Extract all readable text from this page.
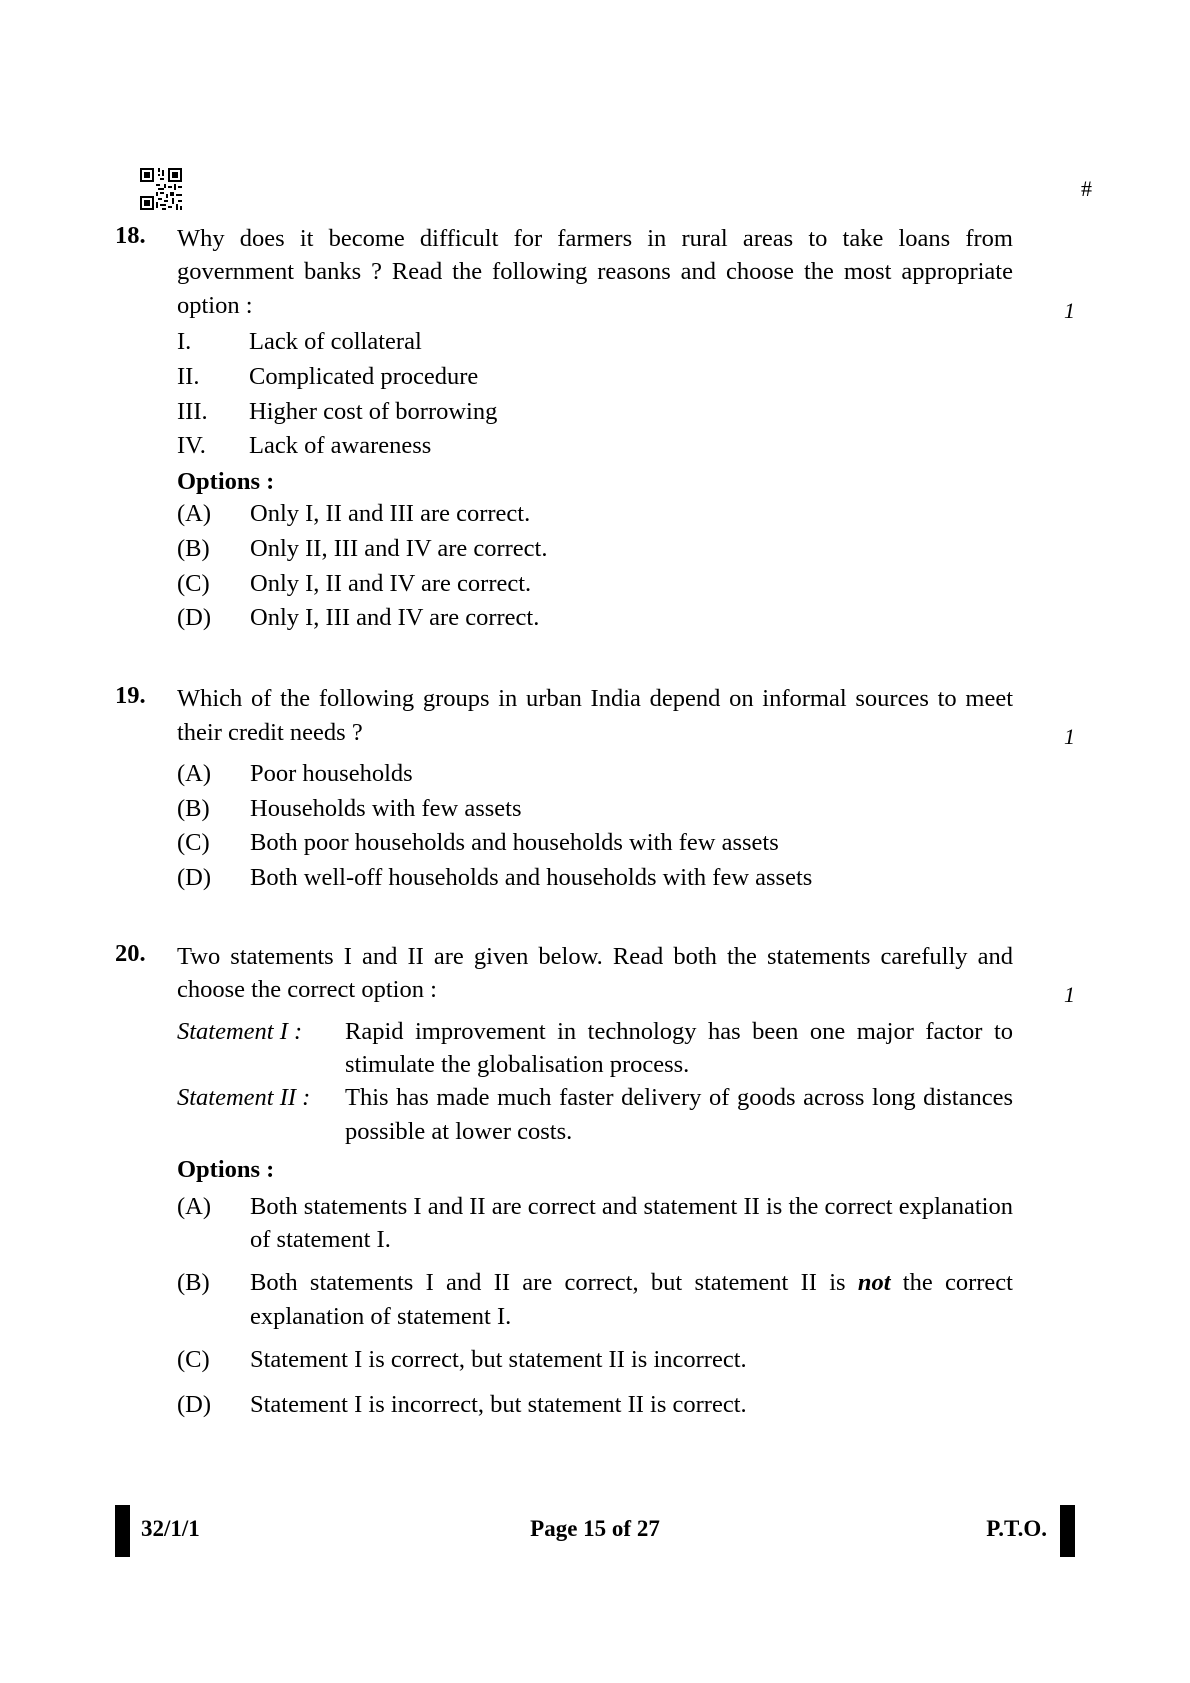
#
18.	Why does it become difficult for farmers in rural areas to take loans from government banks ? Read the following reasons and choose the most appropriate option :	1
I.	Lack of collateral
II.	Complicated procedure
III.	Higher cost of borrowing
IV.	Lack of awareness
Options :
(A)	Only I, II and III are correct.
(B)	Only II, III and IV are correct.
(C)	Only I, II and IV are correct.
(D)	Only I, III and IV are correct.
19.	Which of the following groups in urban India depend on informal sources to meet their credit needs ?	1
(A)	Poor households
(B)	Households with few assets
(C)	Both poor households and households with few assets
(D)	Both well-off households and households with few assets
20.	Two statements I and II are given below. Read both the statements carefully and choose the correct option :	1
Statement I :	Rapid improvement in technology has been one major factor to stimulate the globalisation process.
Statement II :	This has made much faster delivery of goods across long distances possible at lower costs.
Options :
(A)	Both statements I and II are correct and statement II is the correct explanation of statement I.
(B)	Both statements I and II are correct, but statement II is not the correct explanation of statement I.
(C)	Statement I is correct, but statement II is incorrect.
(D)	Statement I is incorrect, but statement II is correct.
32/1/1	Page 15 of 27	P.T.O.
